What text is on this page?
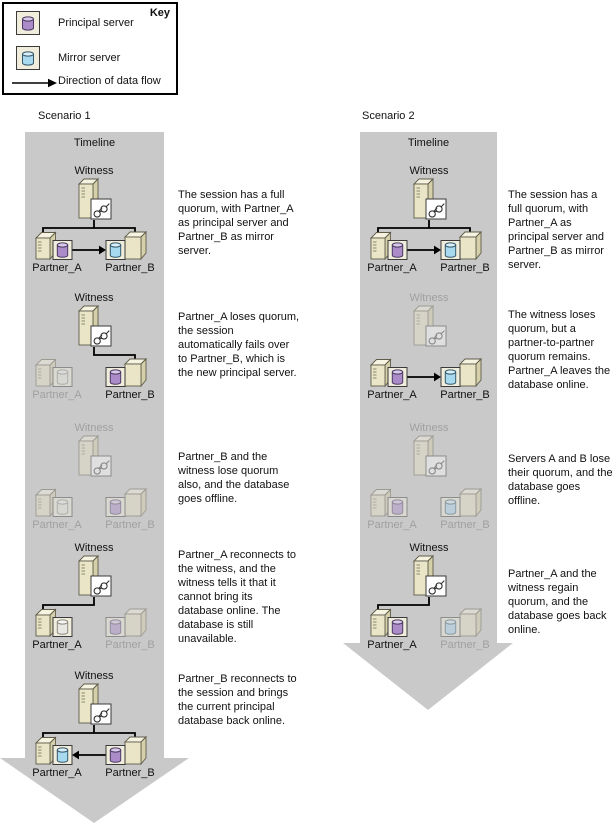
Key
Principal server
Mirror server
Direction of data flow
Scenario 1	Scenario 2
Timeline	Timeline
Witness
Partner_A	Partner_B
The session has a full quorum, with Partner_A as principal server and Partner_B as mirror server.
Witness
Partner_A	Partner_B
Partner_A loses quorum, the session automatically fails over to Partner_B, which is the new principal server.
Witness
Partner_A	Partner_B
Partner_B and the witness lose quorum also, and the database goes offline.
Witness
Partner_A	Partner_B
Partner_A reconnects to the witness, and the witness tells it that it cannot bring its database online. The database is still unavailable.
Witness
Partner_A	Partner_B
Partner_B reconnects to the session and brings the current principal database back online.
Witness
Partner_A	Partner_B
The session has a full quorum, with Partner_A as principal server and Partner_B as mirror server.
Witness
Partner_A	Partner_B
The witness loses quorum, but a partner-to-partner quorum remains. Partner_A leaves the database online.
Witness
Partner_A	Partner_B
Servers A and B lose their quorum, and the database goes offline.
Witness
Partner_A	Partner_B
Partner_A and the witness regain quorum, and the database goes back online.
